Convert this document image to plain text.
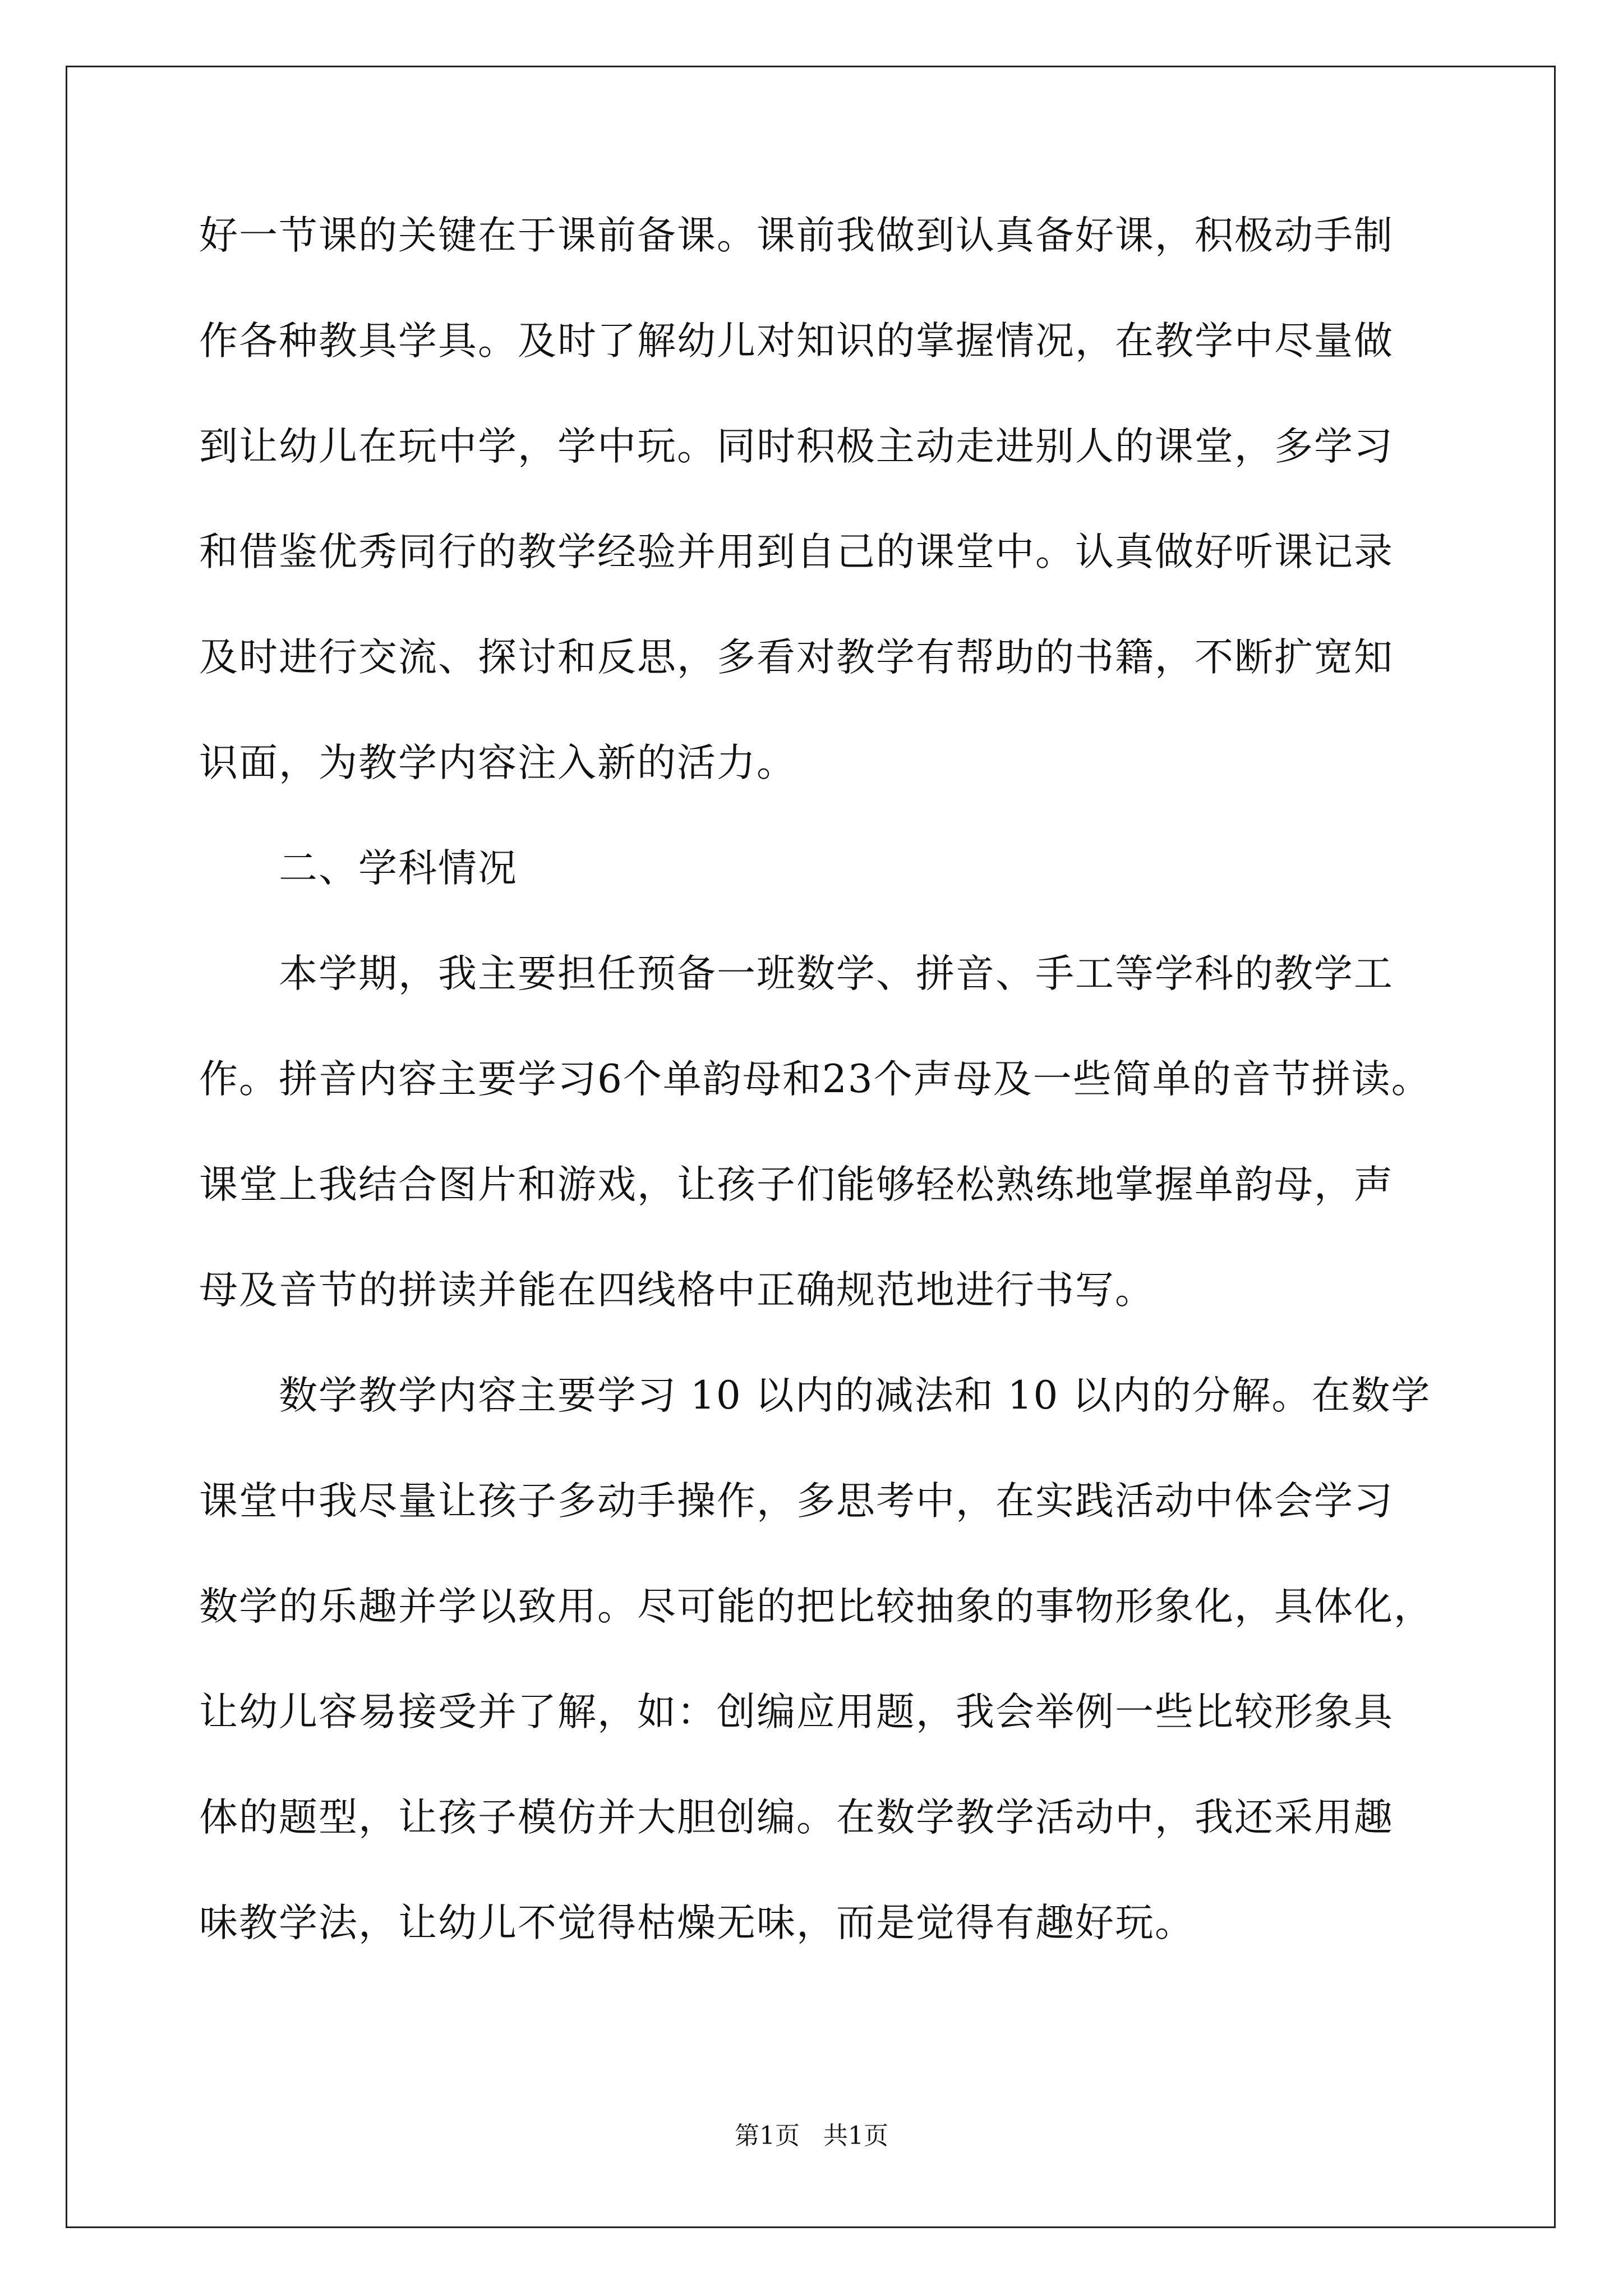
好一节课的关键在于课前备课。课前我做到认真备好课，积极动手制
作各种教具学具。及时了解幼儿对知识的掌握情况，在教学中尽量做
到让幼儿在玩中学，学中玩。同时积极主动走进别人的课堂，多学习
和借鉴优秀同行的教学经验并用到自己的课堂中。认真做好听课记录
及时进行交流、探讨和反思，多看对教学有帮助的书籍，不断扩宽知
识面，为教学内容注入新的活力。
二、学科情况
本学期，我主要担任预备一班数学、拼音、手工等学科的教学工
作。拼音内容主要学习6个单韵母和23个声母及一些简单的音节拼读。
课堂上我结合图片和游戏，让孩子们能够轻松熟练地掌握单韵母，声
母及音节的拼读并能在四线格中正确规范地进行书写。
数学教学内容主要学习 10 以内的减法和 10 以内的分解。在数学
课堂中我尽量让孩子多动手操作，多思考中，在实践活动中体会学习
数学的乐趣并学以致用。尽可能的把比较抽象的事物形象化，具体化，
让幼儿容易接受并了解，如：创编应用题，我会举例一些比较形象具
体的题型，让孩子模仿并大胆创编。在数学教学活动中，我还采用趣
味教学法，让幼儿不觉得枯燥无味，而是觉得有趣好玩。
第1页   共1页
